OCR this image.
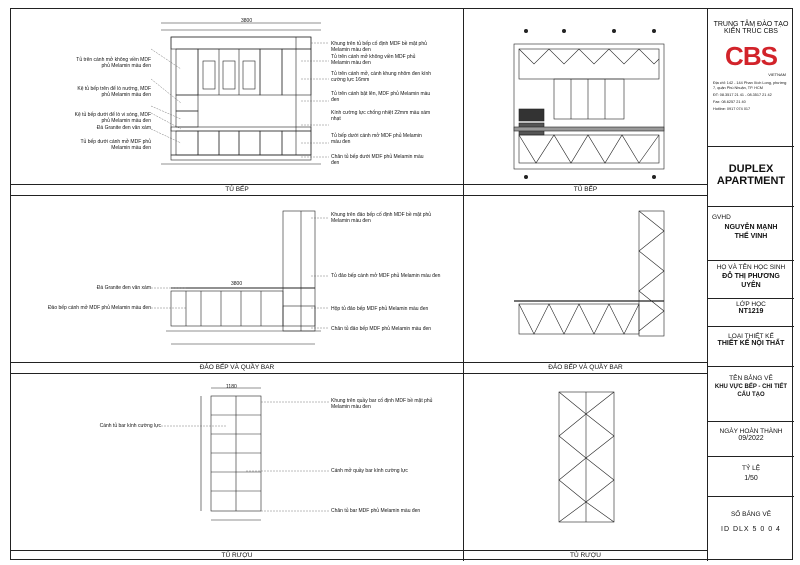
3800
Tủ trên cánh mở không viền MDF phủ Melamin màu đen
Kệ tủ bếp trên để lò nướng, MDF phủ Melamin màu đen
Kệ tủ bếp dưới để lò vi sóng, MDF phủ Melamin màu đen
Đá Granite đen vân xám
Tủ bếp dưới cánh mở MDF phủ Melamin màu đen
Khung trên tủ bếp cố định MDF bề mặt phủ Melamin màu đen
Tủ trên cánh mở không viền MDF phủ Melamin màu đen
Tủ trên cánh mở, cánh khung nhôm đen kính cường lực 16mm
Tủ trên cánh bật lên, MDF phủ Melamin màu đen
Kính cường lực chống nhiệt 22mm màu xám nhạt
Tủ bếp dưới cánh mở MDF phủ Melamin màu đen
Chân tủ bếp dưới MDF phủ Melamin màu đen
TỦ BẾP	TỦ BẾP
3800
Đá Granite đen vân xám
Đảo bếp cánh mở MDF phủ Melamin màu đen
Khung trên đảo bếp cố định MDF bề mặt phủ Melamin màu đen
Tủ đảo bếp cánh mở MDF phủ Melamin màu đen
Hộp tủ đảo bếp MDF phủ Melamin màu đen
Chân tủ đảo bếp MDF phủ Melamin màu đen
ĐẢO BẾP VÀ QUẦY BAR	ĐẢO BẾP VÀ QUẦY BAR
1180
Cánh tủ bar kính cường lực
Khung trên quầy bar cố định MDF bề mặt phủ Melamin màu đen
Cánh mở quầy bar kính cường lực
Chân tủ bar MDF phủ Melamin màu đen
TỦ RƯỢU	TỦ RƯỢU
TRUNG TÂM ĐÀO TẠO
KIẾN TRÚC CBS
CBS
VIETNAM
Địa chỉ: 142 - 144 Phan Xích Long, phường 7, quận Phú Nhuận, TP. HCM
ĐT: 08.3517 21 41 - 08.3517 21 42
Fax: 08.6257 21 40
Hotline: 0917 074 017
DUPLEX APARTMENT
GVHD
NGUYỄN MẠNH THẾ VINH
HỌ VÀ TÊN HỌC SINH
ĐỖ THỊ PHƯƠNG UYÊN
LỚP HỌC
NT1219
LOẠI THIẾT KẾ
THIẾT KẾ NỘI THẤT
TÊN BẢNG VẼ
KHU VỰC BẾP - CHI TIẾT CẤU TẠO
NGÀY HOÀN THÀNH
09/2022
TỶ LỆ
1/50
SỐ BẢNG VẼ
ID DLX 5 0 0 4
